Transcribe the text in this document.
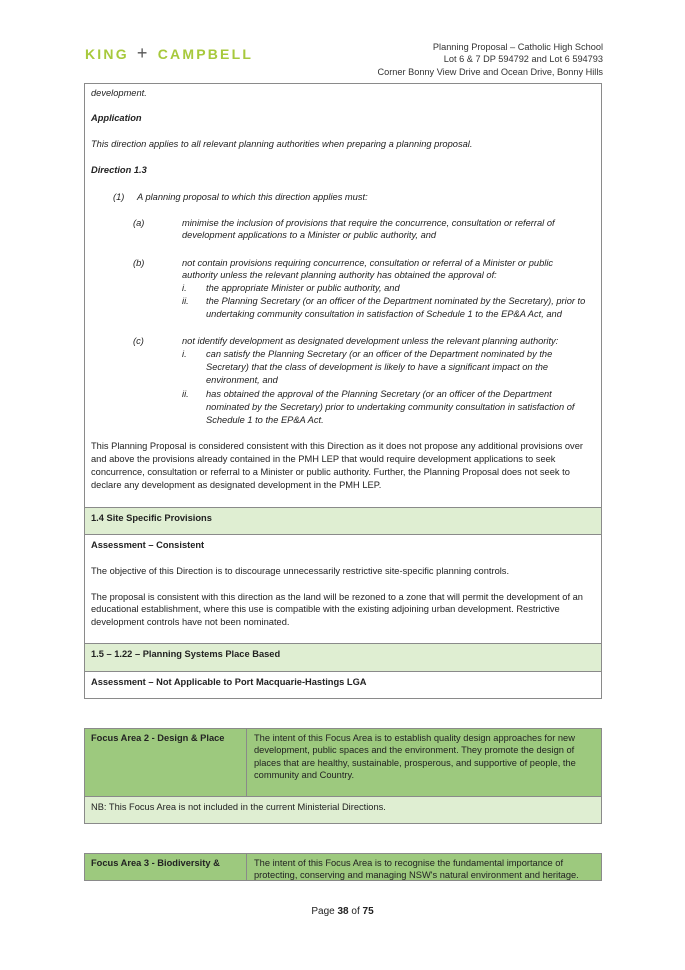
KING + CAMPBELL	Planning Proposal – Catholic High School
Lot 6 & 7 DP 594792 and Lot 6 594793
Corner Bonny View Drive and Ocean Drive, Bonny Hills
development.
Application
This direction applies to all relevant planning authorities when preparing a planning proposal.
Direction 1.3
(1) A planning proposal to which this direction applies must:
(a)	minimise the inclusion of provisions that require the concurrence, consultation or referral of
development applications to a Minister or public authority, and
(b)	not contain provisions requiring concurrence, consultation or referral of a Minister or public
authority unless the relevant planning authority has obtained the approval of:
i. the appropriate Minister or public authority, and
ii. the Planning Secretary (or an officer of the Department nominated by the Secretary), prior to
undertaking community consultation in satisfaction of Schedule 1 to the EP&A Act, and
(c)	not identify development as designated development unless the relevant planning authority:
i. can satisfy the Planning Secretary (or an officer of the Department nominated by the
Secretary) that the class of development is likely to have a significant impact on the
environment, and
ii. has obtained the approval of the Planning Secretary (or an officer of the Department
nominated by the Secretary) prior to undertaking community consultation in satisfaction of
Schedule 1 to the EP&A Act.
This Planning Proposal is considered consistent with this Direction as it does not propose any additional provisions over
and above the provisions already contained in the PMH LEP that would require development applications to seek
concurrence, consultation or referral to a Minister or public authority. Further, the Planning Proposal does not seek to
declare any development as designated development in the PMH LEP.
1.4 Site Specific Provisions
Assessment – Consistent
The objective of this Direction is to discourage unnecessarily restrictive site-specific planning controls.
The proposal is consistent with this direction as the land will be rezoned to a zone that will permit the development of an
educational establishment, where this use is compatible with the existing adjoining urban development. Restrictive
development controls have not been nominated.
1.5 – 1.22 – Planning Systems Place Based
Assessment – Not Applicable to Port Macquarie-Hastings LGA
Focus Area 2 - Design & Place	The intent of this Focus Area is to establish quality design approaches for new
development, public spaces and the environment. They promote the design of
places that are healthy, sustainable, prosperous, and supportive of people, the
community and Country.
NB: This Focus Area is not included in the current Ministerial Directions.
Focus Area 3 - Biodiversity &	The intent of this Focus Area is to recognise the fundamental importance of
protecting, conserving and managing NSW's natural environment and heritage.
Page 38 of 75
